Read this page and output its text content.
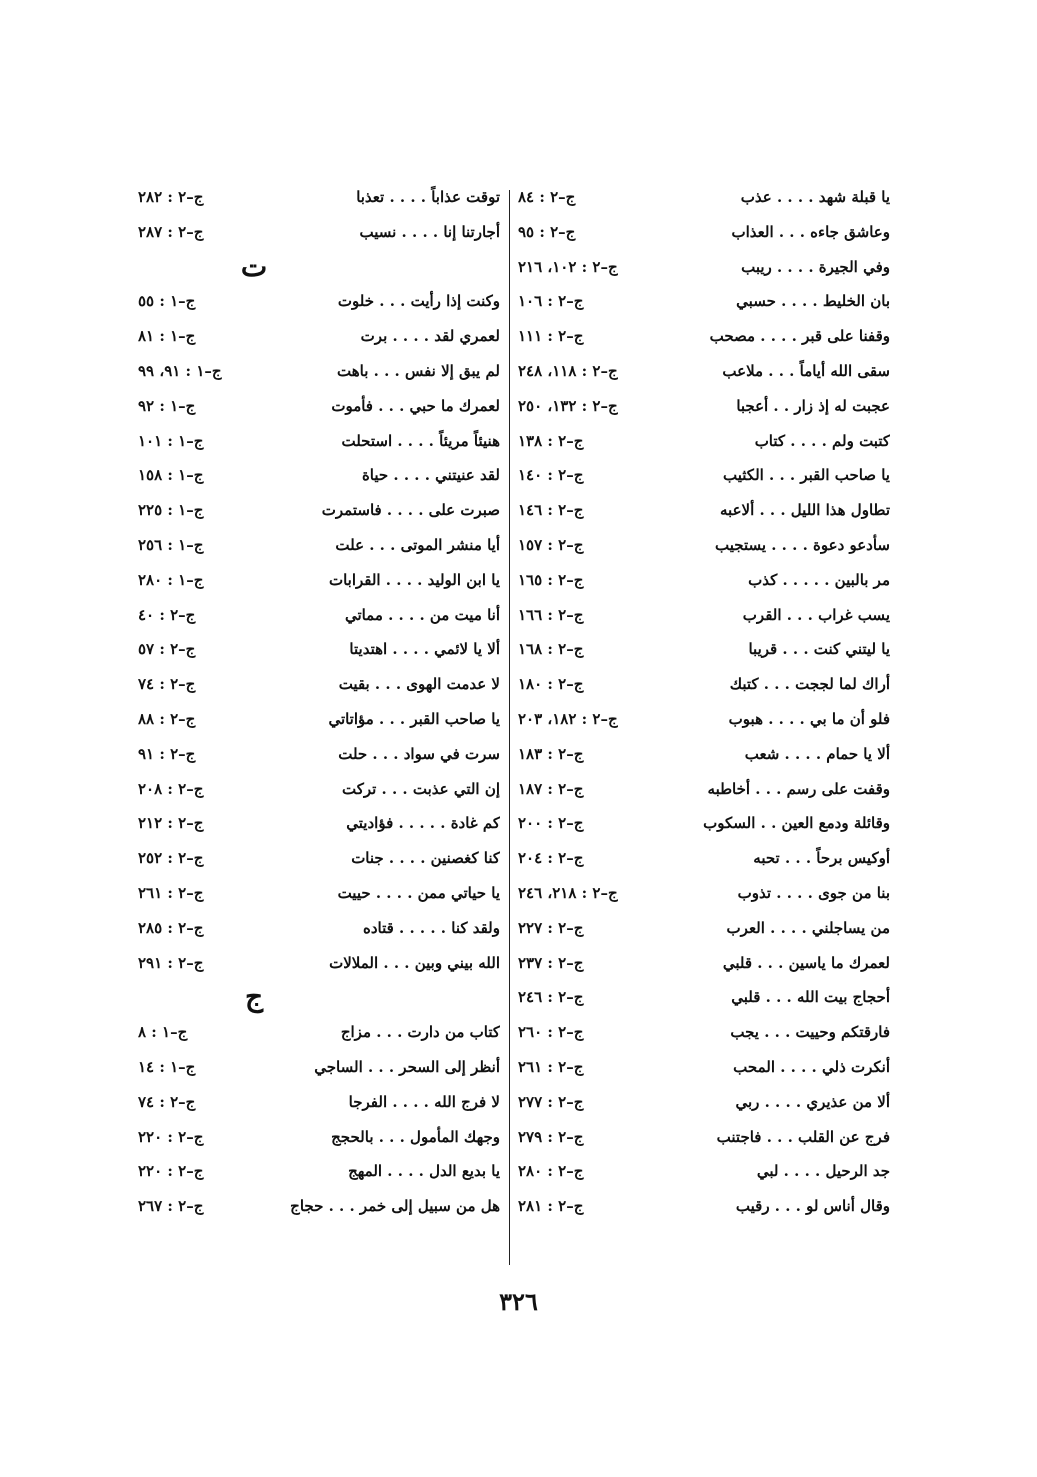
يا قبلة شهد . . . . عذب
ج–٢ : ٨٤
وعاشق جاءه . . . العذاب
ج–٢ : ٩٥
وفي الجيرة . . . . ريبب
ج–٢ : ١٠٢، ٢١٦
بان الخليط . . . . حسبي
ج–٢ : ١٠٦
وقفنا على قبر . . . . مصحب
ج–٢ : ١١١
سقى الله أياماً . . . ملاعب
ج–٢ : ١١٨، ٢٤٨
عجبت له إذ زار . . أعجبا
ج–٢ : ١٣٢، ٢٥٠
كتبت ولم . . . . كتاب
ج–٢ : ١٣٨
يا صاحب القبر . . . الكثيب
ج–٢ : ١٤٠
تطاول هذا الليل . . . ألاعبه
ج–٢ : ١٤٦
سأدعو دعوة . . . . يستجيب
ج–٢ : ١٥٧
مر بالبين . . . . . كذب
ج–٢ : ١٦٥
يسب غراب . . . القرب
ج–٢ : ١٦٦
يا ليتني كنت . . . قريبا
ج–٢ : ١٦٨
أراك لما لججت . . . كتبك
ج–٢ : ١٨٠
فلو أن ما بي . . . . هبوب
ج–٢ : ١٨٢، ٢٠٣
ألا يا حمام . . . . شعب
ج–٢ : ١٨٣
وقفت على رسم . . . أخاطبه
ج–٢ : ١٨٧
وقائلة ودمع العين . . السكوب
ج–٢ : ٢٠٠
أوكيس برحاً . . . تحبه
ج–٢ : ٢٠٤
بنا من جوى . . . . تذوب
ج–٢ : ٢١٨، ٢٤٦
من يساجلني . . . . العرب
ج–٢ : ٢٢٧
لعمرك ما ياسين . . . قلبي
ج–٢ : ٢٣٧
أحجاج بيت الله . . . قلبي
ج–٢ : ٢٤٦
فارقتكم وحييت . . . يجب
ج–٢ : ٢٦٠
أنكرت ذلي . . . . المحب
ج–٢ : ٢٦١
ألا من عذيري . . . . ربي
ج–٢ : ٢٧٧
فرج عن القلب . . . فاجتنب
ج–٢ : ٢٧٩
جد الرحيل . . . . لبي
ج–٢ : ٢٨٠
وقال أناس لو . . . رقيب
ج–٢ : ٢٨١
توقت عذاباً . . . . تعذبا
ج–٢ : ٢٨٢
أجارتنا إنا . . . . نسيب
ج–٢ : ٢٨٧
ت
وكنت إذا رأيت . . . خلوت
ج–١ : ٥٥
لعمري لقد . . . . برت
ج–١ : ٨١
لم يبق إلا نفس . . . باهت
ج–١ : ٩١، ٩٩
لعمرك ما حبي . . . فأموت
ج–١ : ٩٢
هنيئاً مريئاً . . . . استحلت
ج–١ : ١٠١
لقد عنيتني . . . . حياة
ج–١ : ١٥٨
صبرت على . . . . فاستمرت
ج–١ : ٢٢٥
أيا منشر الموتى . . . علت
ج–١ : ٢٥٦
يا ابن الوليد . . . . القرابات
ج–١ : ٢٨٠
أنا ميت من . . . . مماتي
ج–٢ : ٤٠
ألا يا لائمي . . . . اهتديتا
ج–٢ : ٥٧
لا عدمت الهوى . . . بقيت
ج–٢ : ٧٤
يا صاحب القبر . . . مؤاتاتي
ج–٢ : ٨٨
سرت في سواد . . . حلت
ج–٢ : ٩١
إن التي عذبت . . . تركت
ج–٢ : ٢٠٨
كم غادة . . . . . فؤاديتي
ج–٢ : ٢١٢
كنا كغصنين . . . . جنات
ج–٢ : ٢٥٢
يا حياتي ممن . . . . حييت
ج–٢ : ٢٦١
ولقد كنا . . . . . قتاده
ج–٢ : ٢٨٥
الله بيني وبين . . . الملالات
ج–٢ : ٢٩١
ج
كتاب من دارت . . . مزاج
ج–١ : ٨
أنظر إلى السحر . . . الساجي
ج–١ : ١٤
لا فرج الله . . . . الفرجا
ج–٢ : ٧٤
وجهك المأمول . . . بالحجج
ج–٢ : ٢٢٠
يا بديع الدل . . . . المهج
ج–٢ : ٢٢٠
هل من سبيل إلى خمر . . . حجاج
ج–٢ : ٢٦٧
٣٢٦
